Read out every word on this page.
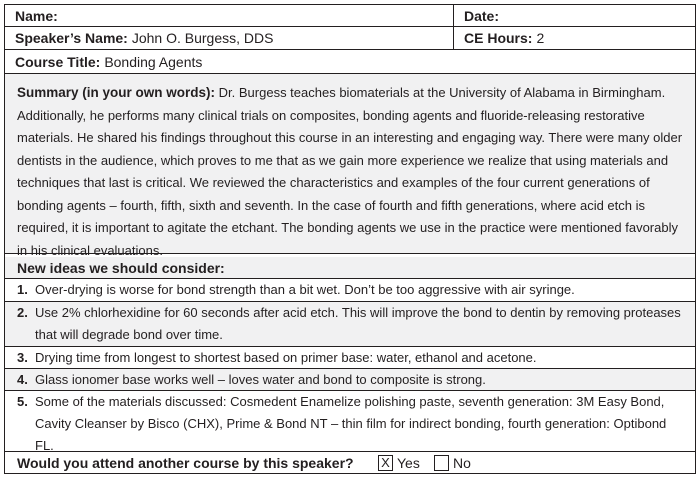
Name:	Date:
Speaker’s Name: John O. Burgess, DDS	CE Hours: 2
Course Title: Bonding Agents
Summary (in your own words): Dr. Burgess teaches biomaterials at the University of Alabama in Birmingham. Additionally, he performs many clinical trials on composites, bonding agents and fluoride-releasing restorative materials. He shared his findings throughout this course in an interesting and engaging way. There were many older dentists in the audience, which proves to me that as we gain more experience we realize that using materials and techniques that last is critical. We reviewed the characteristics and examples of the four current generations of bonding agents – fourth, fifth, sixth and seventh. In the case of fourth and fifth generations, where acid etch is required, it is important to agitate the etchant. The bonding agents we use in the practice were mentioned favorably in his clinical evaluations.
New ideas we should consider:
1. Over-drying is worse for bond strength than a bit wet. Don’t be too aggressive with air syringe.
2. Use 2% chlorhexidine for 60 seconds after acid etch. This will improve the bond to dentin by removing proteases that will degrade bond over time.
3. Drying time from longest to shortest based on primer base: water, ethanol and acetone.
4. Glass ionomer base works well – loves water and bond to composite is strong.
5. Some of the materials discussed: Cosmedent Enamelize polishing paste, seventh generation: 3M Easy Bond, Cavity Cleanser by Bisco (CHX), Prime & Bond NT – thin film for indirect bonding, fourth generation: Optibond FL.
Would you attend another course by this speaker? X Yes No
